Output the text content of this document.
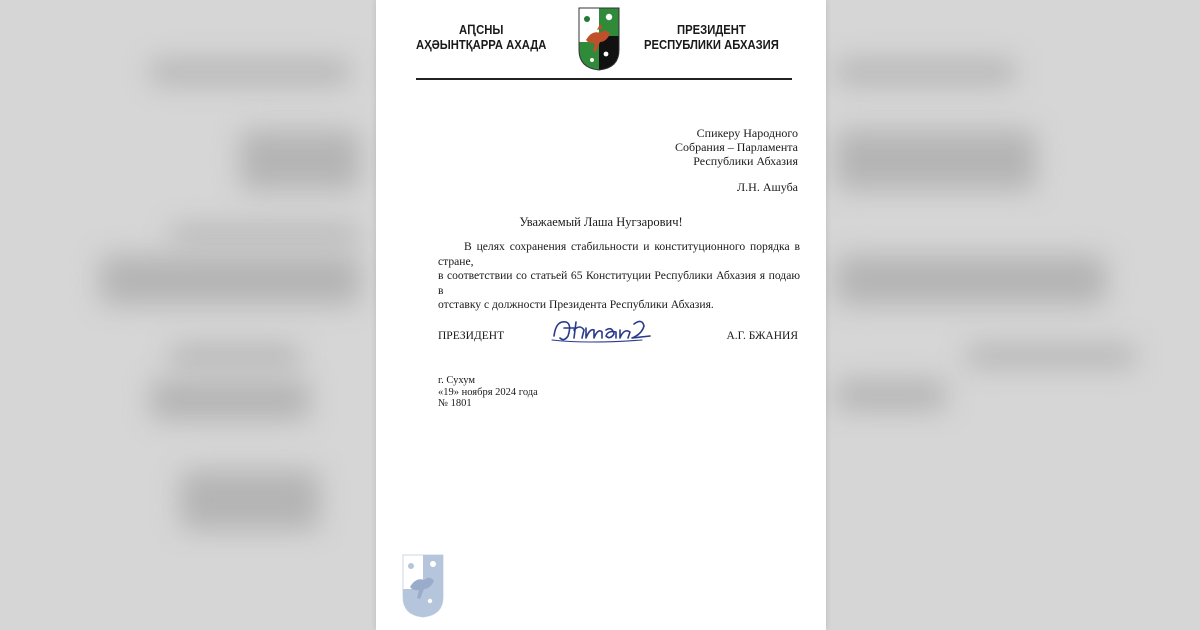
АԤСНЫ
АҲӘЫНТҚАРРА АХАДА
ПРЕЗИДЕНТ
РЕСПУБЛИКИ АБХАЗИЯ
Спикеру Народного
Собрания – Парламента
Республики Абхазия
Л.Н. Ашуба
Уважаемый Лаша Нугзарович!
В целях сохранения стабильности и конституционного порядка в стране,
в соответствии со статьей 65 Конституции Республики Абхазия я подаю в
отставку с должности Президента Республики Абхазия.
ПРЕЗИДЕНТ	А.Г. БЖАНИЯ
г. Сухум
«19» ноября 2024 года
№ 1801
